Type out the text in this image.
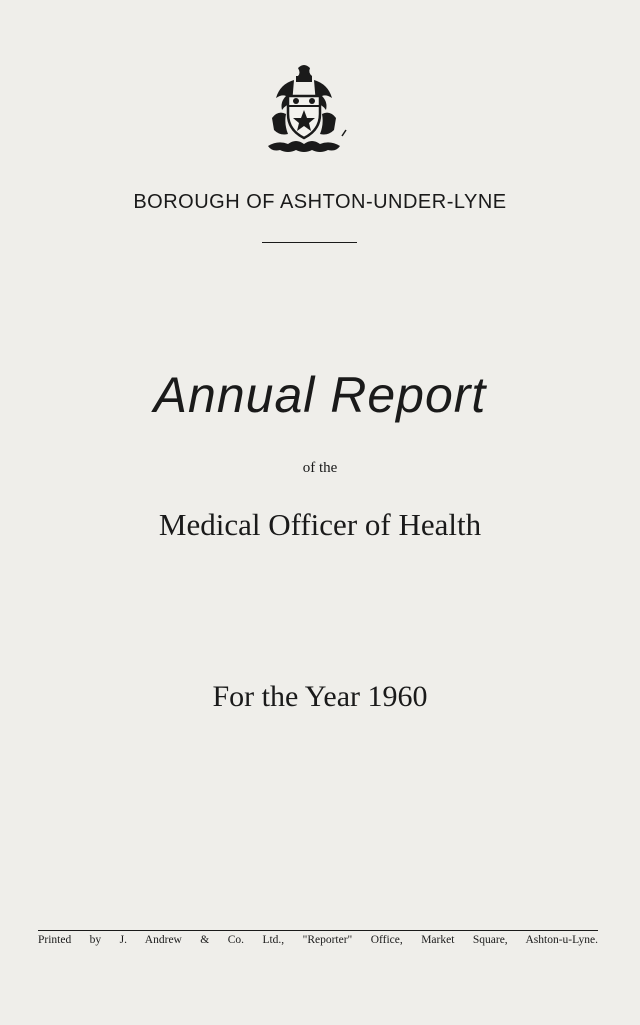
BOROUGH OF ASHTON-UNDER-LYNE
Annual Report
of the
Medical Officer of Health
For the Year 1960
Printed by J. Andrew & Co. Ltd., "Reporter" Office, Market Square, Ashton-u-Lyne.
